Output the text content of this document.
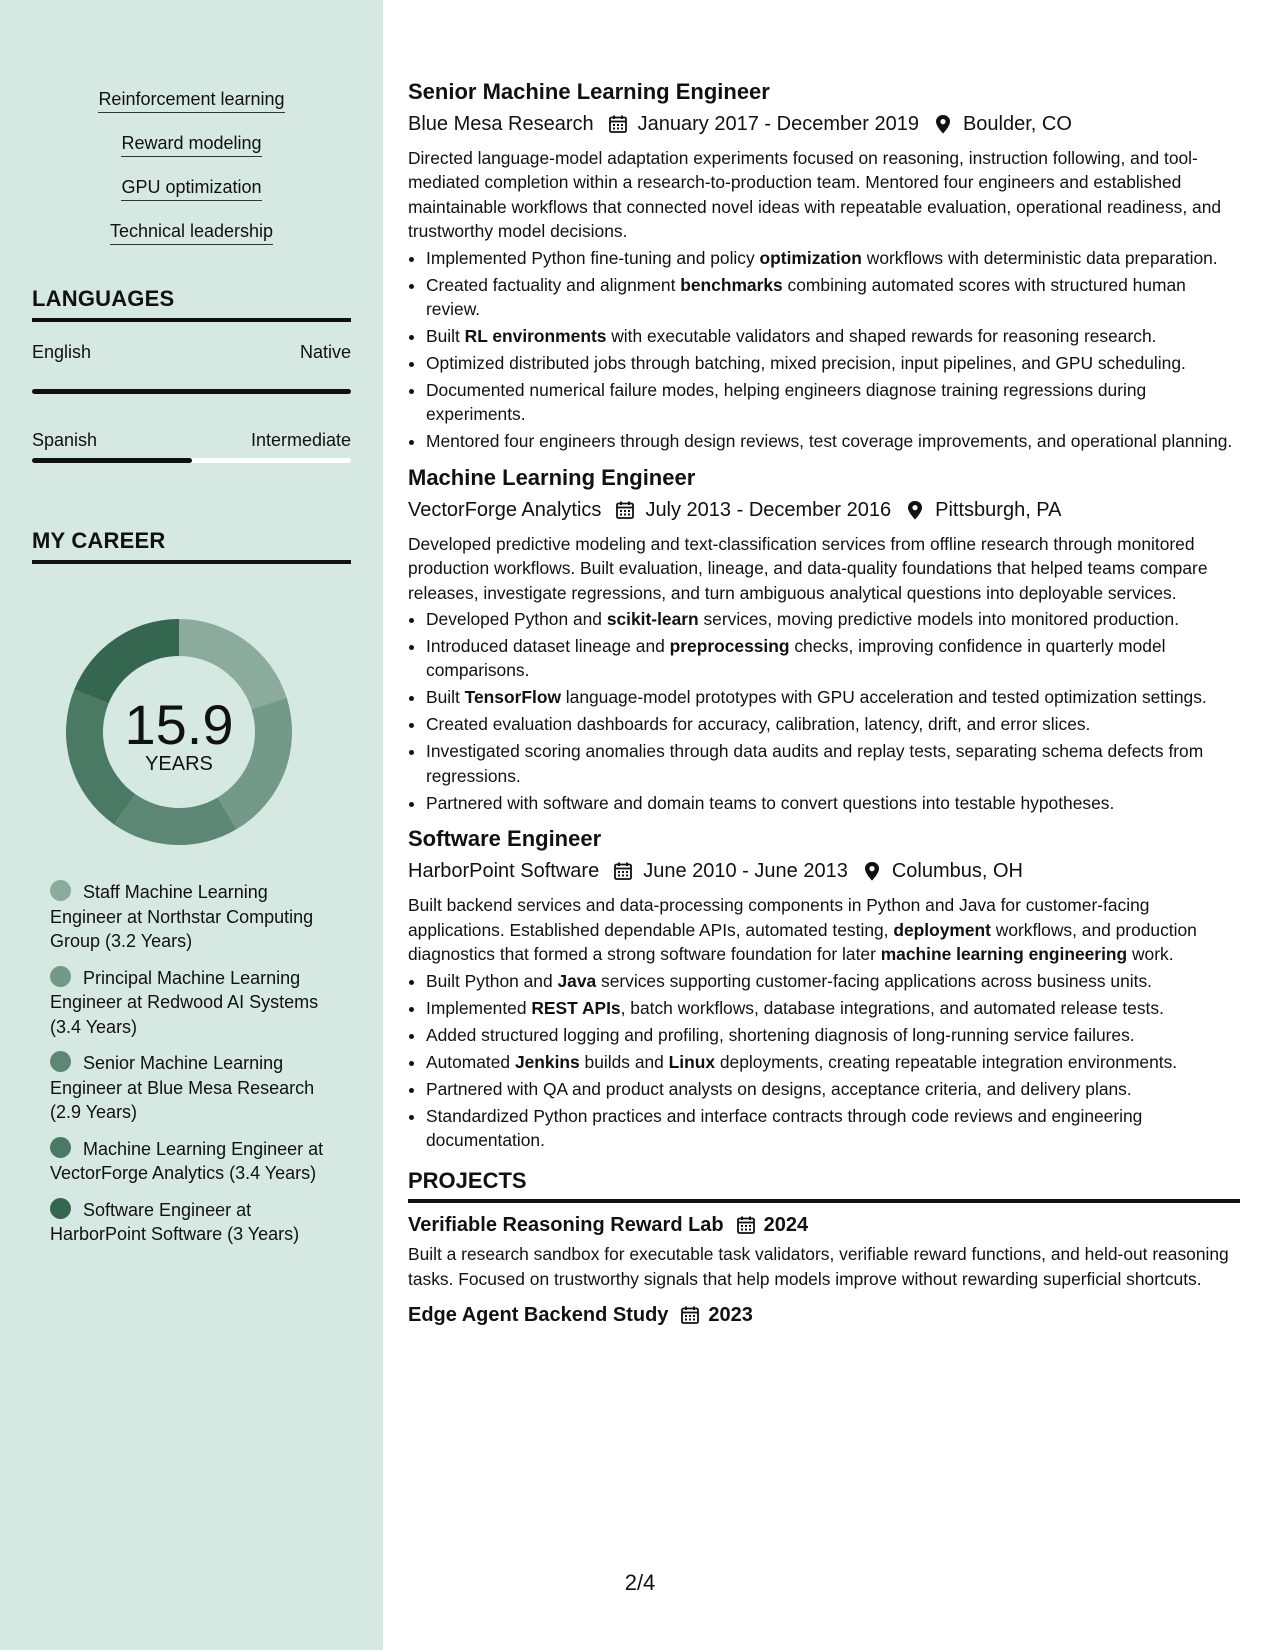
Reinforcement learning
Reward modeling
GPU optimization
Technical leadership
LANGUAGES
English	Native
Spanish	Intermediate
MY CAREER
15.9
YEARS
Staff Machine Learning Engineer at Northstar Computing Group (3.2 Years)
Principal Machine Learning Engineer at Redwood AI Systems (3.4 Years)
Senior Machine Learning Engineer at Blue Mesa Research (2.9 Years)
Machine Learning Engineer at VectorForge Analytics (3.4 Years)
Software Engineer at HarborPoint Software (3 Years)
Senior Machine Learning Engineer
Blue Mesa Research January 2017 - December 2019 Boulder, CO
Directed language-model adaptation experiments focused on reasoning, instruction following, and tool-mediated completion within a research-to-production team. Mentored four engineers and established maintainable workflows that connected novel ideas with repeatable evaluation, operational readiness, and trustworthy model decisions.
• Implemented Python fine-tuning and policy optimization workflows with deterministic data preparation.
• Created factuality and alignment benchmarks combining automated scores with structured human review.
• Built RL environments with executable validators and shaped rewards for reasoning research.
• Optimized distributed jobs through batching, mixed precision, input pipelines, and GPU scheduling.
• Documented numerical failure modes, helping engineers diagnose training regressions during experiments.
• Mentored four engineers through design reviews, test coverage improvements, and operational planning.
Machine Learning Engineer
VectorForge Analytics July 2013 - December 2016 Pittsburgh, PA
Developed predictive modeling and text-classification services from offline research through monitored production workflows. Built evaluation, lineage, and data-quality foundations that helped teams compare releases, investigate regressions, and turn ambiguous analytical questions into deployable services.
• Developed Python and scikit-learn services, moving predictive models into monitored production.
• Introduced dataset lineage and preprocessing checks, improving confidence in quarterly model comparisons.
• Built TensorFlow language-model prototypes with GPU acceleration and tested optimization settings.
• Created evaluation dashboards for accuracy, calibration, latency, drift, and error slices.
• Investigated scoring anomalies through data audits and replay tests, separating schema defects from regressions.
• Partnered with software and domain teams to convert questions into testable hypotheses.
Software Engineer
HarborPoint Software June 2010 - June 2013 Columbus, OH
Built backend services and data-processing components in Python and Java for customer-facing applications. Established dependable APIs, automated testing, deployment workflows, and production diagnostics that formed a strong software foundation for later machine learning engineering work.
• Built Python and Java services supporting customer-facing applications across business units.
• Implemented REST APIs, batch workflows, database integrations, and automated release tests.
• Added structured logging and profiling, shortening diagnosis of long-running service failures.
• Automated Jenkins builds and Linux deployments, creating repeatable integration environments.
• Partnered with QA and product analysts on designs, acceptance criteria, and delivery plans.
• Standardized Python practices and interface contracts through code reviews and engineering documentation.
PROJECTS
Verifiable Reasoning Reward Lab 2024
Built a research sandbox for executable task validators, verifiable reward functions, and held-out reasoning tasks. Focused on trustworthy signals that help models improve without rewarding superficial shortcuts.
Edge Agent Backend Study 2023
2/4
